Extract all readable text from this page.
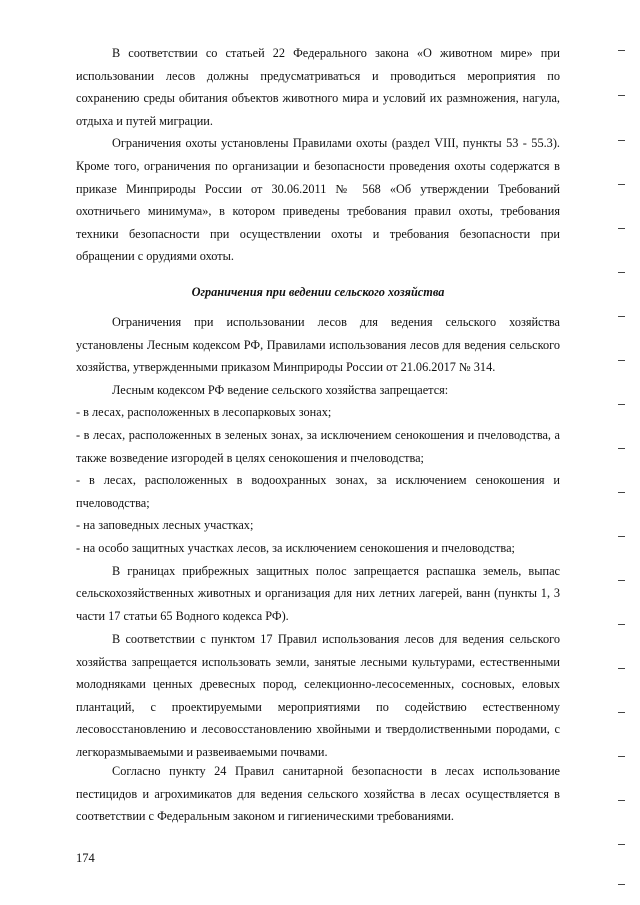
В соответствии со статьей 22 Федерального закона «О животном мире» при использовании лесов должны предусматриваться и проводиться мероприятия по сохранению среды обитания объектов животного мира и условий их размножения, нагула, отдыха и путей миграции.

Ограничения охоты установлены Правилами охоты (раздел VIII, пункты 53 - 55.3). Кроме того, ограничения по организации и безопасности проведения охоты содержатся в приказе Минприроды России от 30.06.2011 № 568 «Об утверждении Требований охотничьего минимума», в котором приведены требования правил охоты, требования техники безопасности при осуществлении охоты и требования безопасности при обращении с орудиями охоты.

Ограничения при ведении сельского хозяйства

Ограничения при использовании лесов для ведения сельского хозяйства установлены Лесным кодексом РФ, Правилами использования лесов для ведения сельского хозяйства, утвержденными приказом Минприроды России от 21.06.2017 № 314.

Лесным кодексом РФ ведение сельского хозяйства запрещается:

- в лесах, расположенных в лесопарковых зонах;

- в лесах, расположенных в зеленых зонах, за исключением сенокошения и пчеловодства, а также возведение изгородей в целях сенокошения и пчеловодства;

- в лесах, расположенных в водоохранных зонах, за исключением сенокошения и пчеловодства;

- на заповедных лесных участках;

- на особо защитных участках лесов, за исключением сенокошения и пчеловодства;

В границах прибрежных защитных полос запрещается распашка земель, выпас сельскохозяйственных животных и организация для них летних лагерей, ванн (пункты 1, 3 части 17 статьи 65 Водного кодекса РФ).

В соответствии с пунктом 17 Правил использования лесов для ведения сельского хозяйства запрещается использовать земли, занятые лесными культурами, естественными молодняками ценных древесных пород, селекционно-лесосеменных, сосновых, еловых плантаций, с проектируемыми мероприятиями по содействию естественному лесовосстановлению и лесовосстановлению хвойными и твердолиственными породами, с легкоразмываемыми и развеиваемыми почвами.

Согласно пункту 24 Правил санитарной безопасности в лесах использование пестицидов и агрохимикатов для ведения сельского хозяйства в лесах осуществляется в соответствии с Федеральным законом и гигиеническими требованиями.

174
